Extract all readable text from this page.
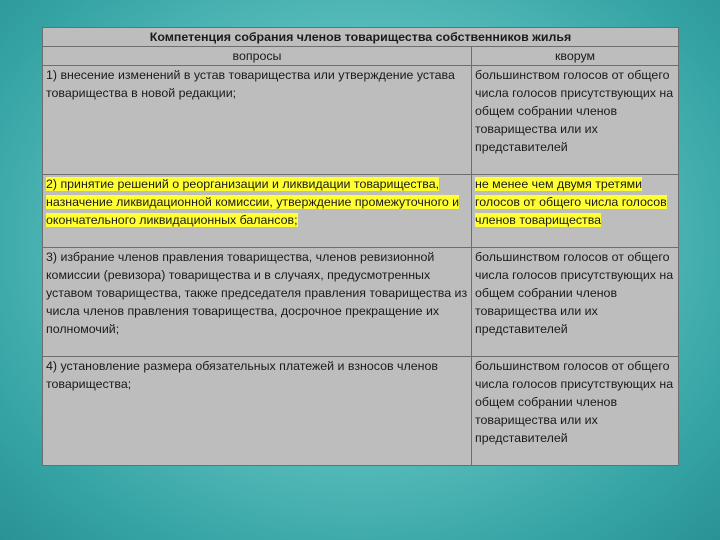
Компетенция собрания членов товарищества собственников жилья	
вопросы	кворум
1) внесение изменений в устав товарищества или утверждение устава товарищества в новой редакции;	большинством голосов от общего числа голосов присутствующих на общем собрании членов товарищества или их представителей
2) принятие решений о реорганизации и ликвидации товарищества, назначение ликвидационной комиссии, утверждение промежуточного и окончательного ликвидационных балансов;	не менее чем двумя третями голосов от общего числа голосов членов товарищества
3) избрание членов правления товарищества, членов ревизионной комиссии (ревизора) товарищества и в случаях, предусмотренных уставом товарищества, также председателя правления товарищества из числа членов правления товарищества, досрочное прекращение их полномочий;	большинством голосов от общего числа голосов присутствующих на общем собрании членов товарищества или их представителей
4) установление размера обязательных платежей и взносов членов товарищества;	большинством голосов от общего числа голосов присутствующих на общем собрании членов товарищества или их представителей
